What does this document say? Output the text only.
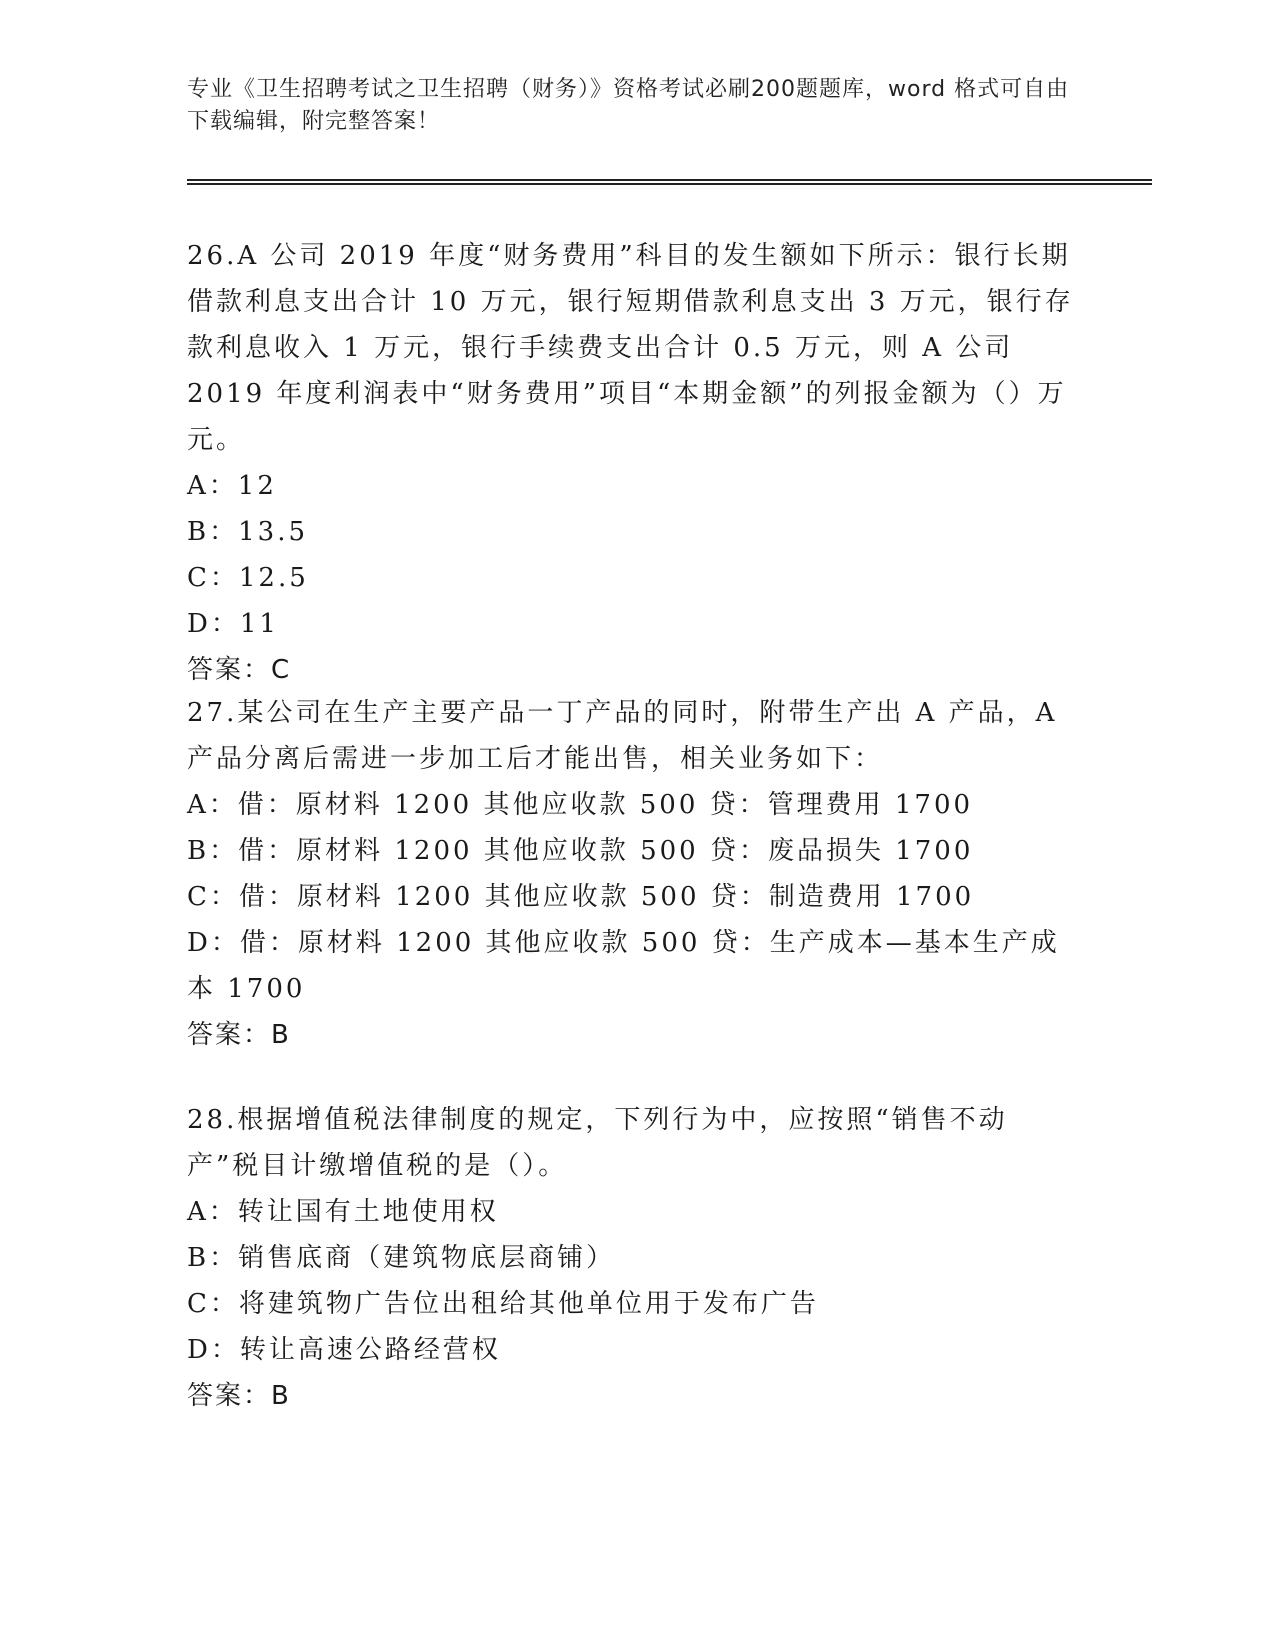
专业《卫生招聘考试之卫生招聘（财务）》资格考试必刷200题题库，word 格式可自由下载编辑，附完整答案！

26.A 公司 2019 年度“财务费用”科目的发生额如下所示：银行长期借款利息支出合计 10 万元，银行短期借款利息支出 3 万元，银行存款利息收入 1 万元，银行手续费支出合计 0.5 万元，则 A 公司 2019 年度利润表中“财务费用”项目“本期金额”的列报金额为（）万元。

A：12

B：13.5

C：12.5

D：11

答案：C

27.某公司在生产主要产品一丁产品的同时，附带生产出 A 产品，A 产品分离后需进一步加工后才能出售，相关业务如下：

A：借：原材料 1200 其他应收款 500 贷：管理费用 1700

B：借：原材料 1200 其他应收款 500 贷：废品损失 1700

C：借：原材料 1200 其他应收款 500 贷：制造费用 1700

D：借：原材料 1200 其他应收款 500 贷：生产成本—基本生产成本 1700

答案：B

28.根据增值税法律制度的规定，下列行为中，应按照“销售不动产”税目计缴增值税的是（）。

A：转让国有土地使用权

B：销售底商（建筑物底层商铺）

C：将建筑物广告位出租给其他单位用于发布广告

D：转让高速公路经营权

答案：B
